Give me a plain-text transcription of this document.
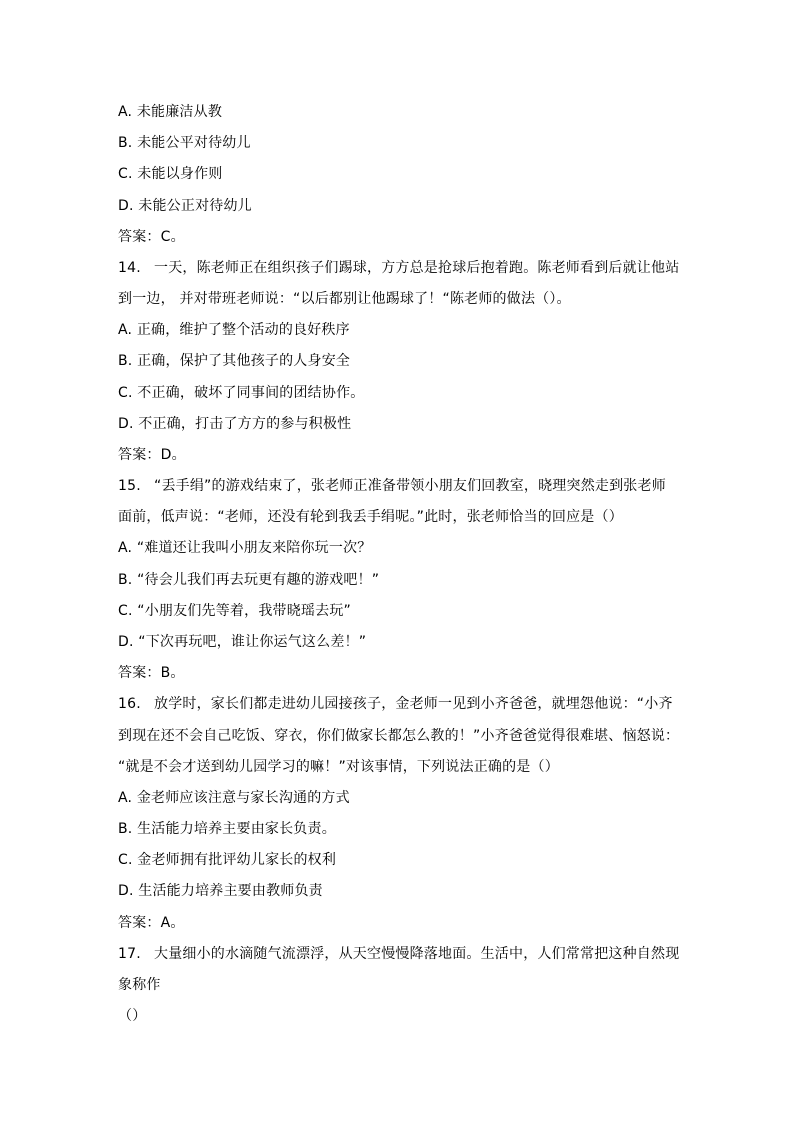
A. 未能廉洁从教
B. 未能公平对待幼儿
C. 未能以身作则
D. 未能公正对待幼儿
答案：C。
14. 一天，陈老师正在组织孩子们踢球，方方总是抢球后抱着跑。陈老师看到后就让他站
到一边， 并对带班老师说：“以后都别让他踢球了！“陈老师的做法（）。
A. 正确，维护了整个活动的良好秩序
B. 正确，保护了其他孩子的人身安全
C. 不正确，破坏了同事间的团结协作。
D. 不正确，打击了方方的参与积极性
答案：D。
15. “丢手绢”的游戏结束了，张老师正准备带领小朋友们回教室，晓理突然走到张老师
面前，低声说：“老师，还没有轮到我丢手绢呢。”此时，张老师恰当的回应是（）
A. “难道还让我叫小朋友来陪你玩一次？
B. “待会儿我们再去玩更有趣的游戏吧！”
C. “小朋友们先等着，我带晓瑶去玩”
D. “下次再玩吧，谁让你运气这么差！”
答案：B。
16. 放学时，家长们都走进幼儿园接孩子，金老师一见到小齐爸爸，就埋怨他说：“小齐
到现在还不会自己吃饭、穿衣，你们做家长都怎么教的！”小齐爸爸觉得很难堪、恼怒说：
“就是不会才送到幼儿园学习的嘛！”对该事情，下列说法正确的是（）
A. 金老师应该注意与家长沟通的方式
B. 生活能力培养主要由家长负责。
C. 金老师拥有批评幼儿家长的权利
D. 生活能力培养主要由教师负责
答案：A。
17. 大量细小的水滴随气流漂浮，从天空慢慢降落地面。生活中，人们常常把这种自然现
象称作
（）
